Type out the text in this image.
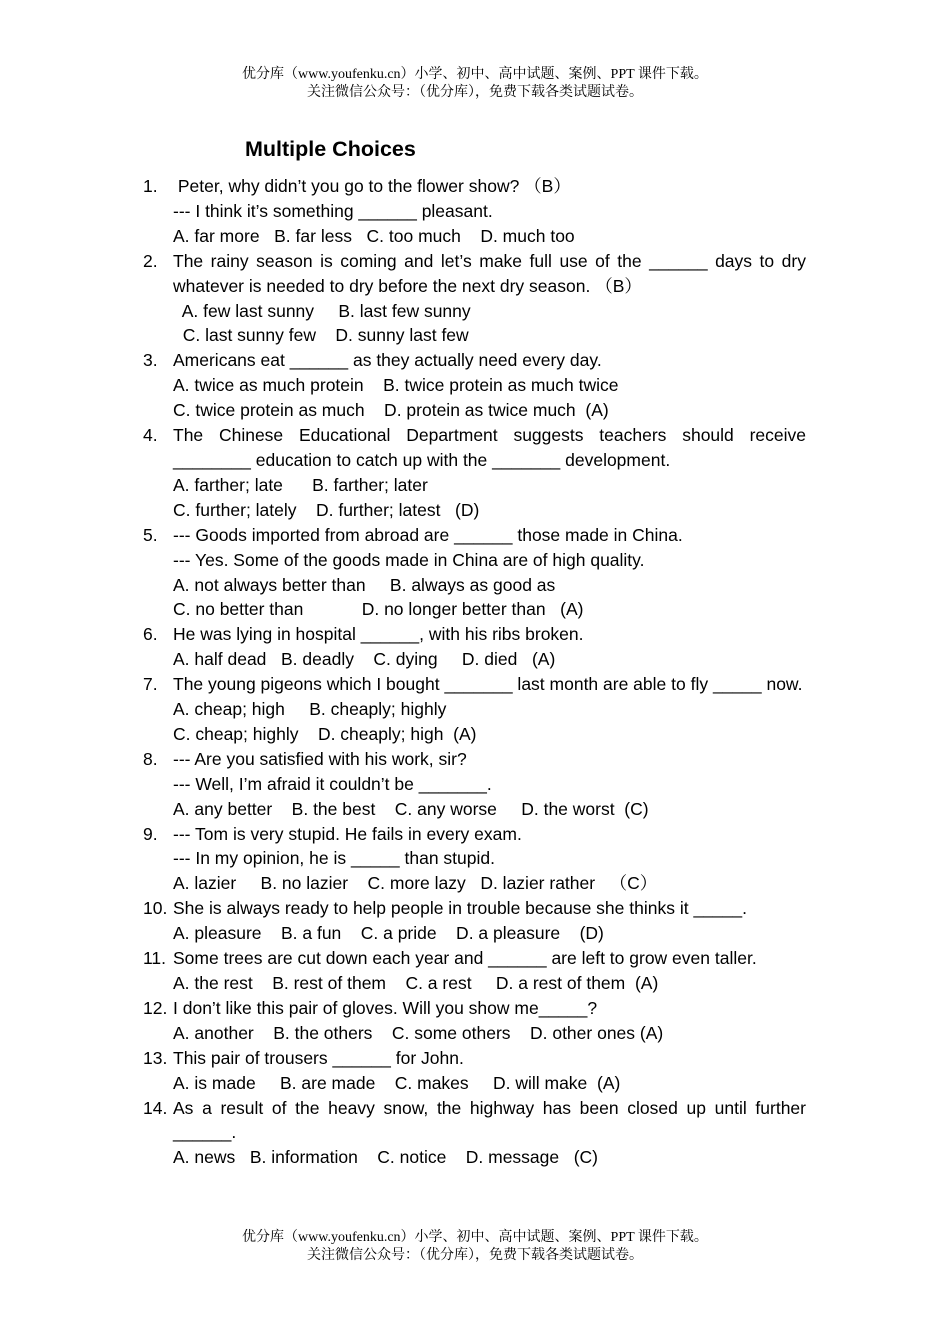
优分库（www.youfenku.cn）小学、初中、高中试题、案例、PPT 课件下载。
关注微信公众号：（优分库），免费下载各类试题试卷。
Multiple Choices
1. Peter, why didn’t you go to the flower show? （B）
--- I think it’s something ______ pleasant.
A. far more   B. far less   C. too much    D. much too
2. The rainy season is coming and let’s make full use of the ______ days to dry whatever is needed to dry before the next dry season. （B）
A. few last sunny     B. last few sunny
C. last sunny few    D. sunny last few
3. Americans eat ______ as they actually need every day.
A. twice as much protein    B. twice protein as much twice
C. twice protein as much    D. protein as twice much  (A)
4. The Chinese Educational Department suggests teachers should receive ________ education to catch up with the _______ development.
A. farther; late      B. farther; later
C. further; lately    D. further; latest   (D)
5. --- Goods imported from abroad are ______ those made in China.
--- Yes. Some of the goods made in China are of high quality.
A. not always better than     B. always as good as
C. no better than            D. no longer better than   (A)
6. He was lying in hospital ______, with his ribs broken.
A. half dead   B. deadly    C. dying     D. died   (A)
7. The young pigeons which I bought _______ last month are able to fly _____ now.
A. cheap; high     B. cheaply; highly
C. cheap; highly    D. cheaply; high  (A)
8. --- Are you satisfied with his work, sir?
--- Well, I’m afraid it couldn’t be _______.
A. any better    B. the best    C. any worse     D. the worst  (C)
9. --- Tom is very stupid. He fails in every exam.
--- In my opinion, he is _____ than stupid.
A. lazier     B. no lazier    C. more lazy   D. lazier rather   （C）
10. She is always ready to help people in trouble because she thinks it _____.
A. pleasure    B. a fun    C. a pride    D. a pleasure    (D)
11. Some trees are cut down each year and ______ are left to grow even taller.
A. the rest    B. rest of them    C. a rest     D. a rest of them  (A)
12. I don’t like this pair of gloves. Will you show me_____?
A. another    B. the others    C. some others    D. other ones (A)
13. This pair of trousers ______ for John.
A. is made     B. are made    C. makes     D. will make  (A)
14. As a result of the heavy snow, the highway has been closed up until further ______.
A. news   B. information    C. notice    D. message   (C)
优分库（www.youfenku.cn）小学、初中、高中试题、案例、PPT 课件下载。
关注微信公众号：（优分库），免费下载各类试题试卷。
